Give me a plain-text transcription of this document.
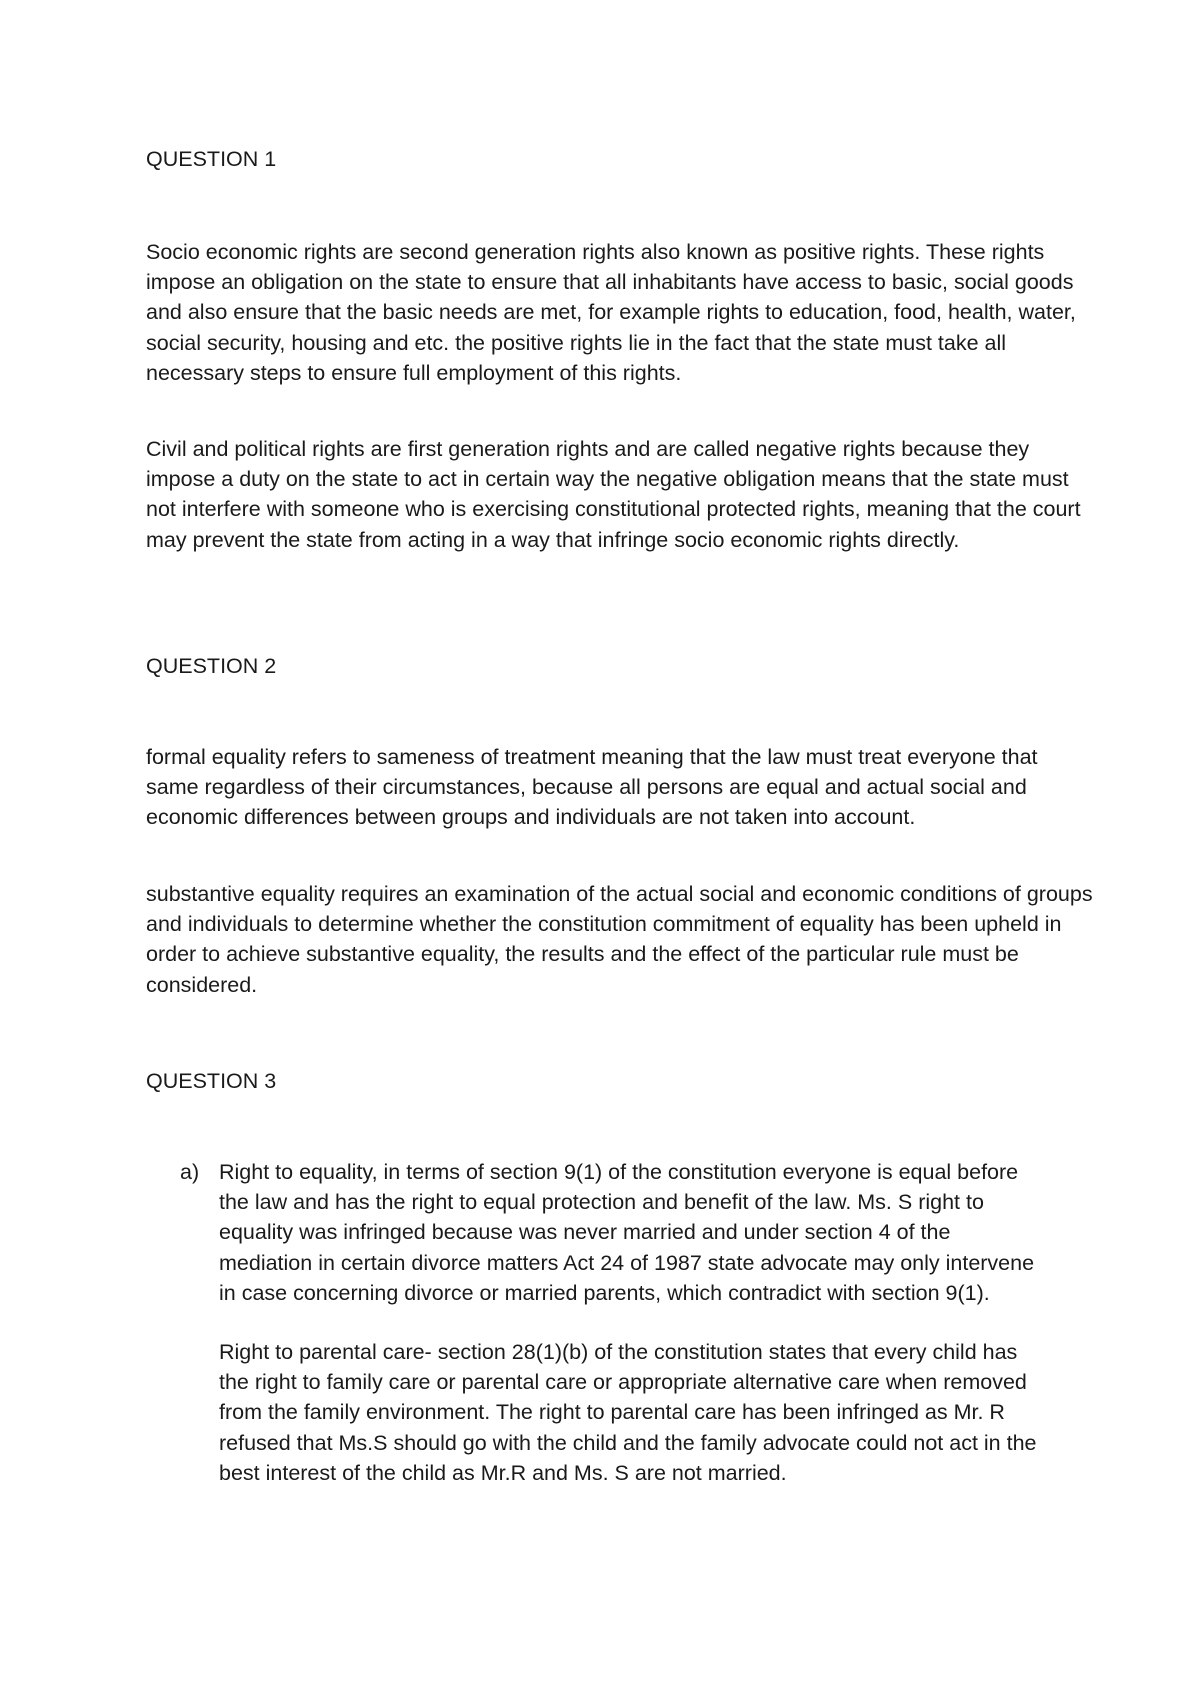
QUESTION 1

Socio economic rights are second generation rights also known as positive rights. These rights impose an obligation on the state to ensure that all inhabitants have access to basic, social goods and also ensure that the basic needs are met, for example rights to education, food, health, water, social security, housing and etc. the positive rights lie in the fact that the state must take all necessary steps to ensure full employment of this rights.

Civil and political rights are first generation rights and are called negative rights because they impose a duty on the state to act in certain way the negative obligation means that the state must not interfere with someone who is exercising constitutional protected rights, meaning that the court may prevent the state from acting in a way that infringe socio economic rights directly.

QUESTION 2

formal equality refers to sameness of treatment meaning that the law must treat everyone that same regardless of their circumstances, because all persons are equal and actual social and economic differences between groups and individuals are not taken into account.

substantive equality requires an examination of the actual social and economic conditions of groups and individuals to determine whether the constitution commitment of equality has been upheld in order to achieve substantive equality, the results and the effect of the particular rule must be considered.

QUESTION 3
a) Right to equality, in terms of section 9(1) of the constitution everyone is equal before the law and has the right to equal protection and benefit of the law. Ms. S right to equality was infringed because was never married and under section 4 of the mediation in certain divorce matters Act 24 of 1987 state advocate may only intervene in case concerning divorce or married parents, which contradict with section 9(1).

Right to parental care- section 28(1)(b) of the constitution states that every child has the right to family care or parental care or appropriate alternative care when removed from the family environment. The right to parental care has been infringed as Mr. R refused that Ms.S should go with the child and the family advocate could not act in the best interest of the child as Mr.R and Ms. S are not married.
